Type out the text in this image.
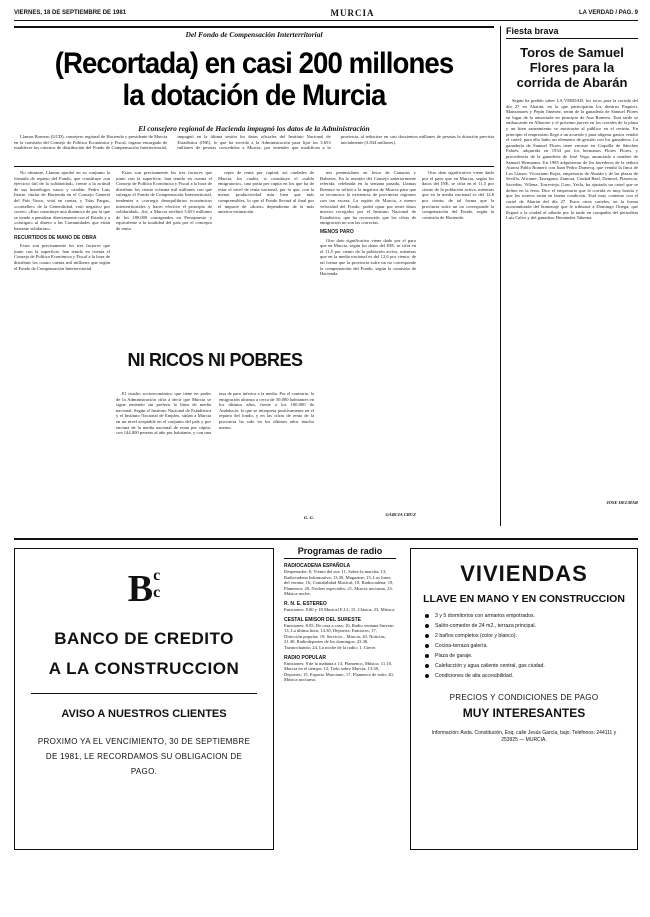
VIERNES, 18 DE SEPTIEMBRE DE 1981	MURCIA	LA VERDAD / PAG. 9
Del Fondo de Compensación Interterritorial
(Recortada) en casi 200 millones
la dotación de Murcia
El consejero regional de Hacienda impugnó los datos de la Administración

Llamas Romero (UCD), consejero regional de Hacienda y presidente de Murcia en la comisión del Consejo de Política Económica y Fiscal, órgano encargado de establecer los criterios de distribución del Fondo de Compensación Interterritorial, impugnó en la última sesión los datos oficiales del Instituto Nacional de Estadística (INE), lo que ha servido a la Administración para fijar los 3.653 millones de pesetas concedidos a Murcia, por entender que modifican a la provincia, al reducirse en casi doscientos millones de pesetas la dotación prevista inicialmente (3.834 millones).

No obstante, Llamas aprobó en su conjunto la fórmula de reparto del Fondo, que constituye «un ejercicio útil de la solidaridad», frente a la actitud de sus homólogos vasco y catalán. Pedro Luis Iriarte, titular de Hacienda en el Consejo General del País Vasco, votó en contra, y Trías Fargas, «conseller» de la Generalidad, votó negativo por correo: «Esto constituye una dinámica de por la que se tiende a penalizar directamente con el Estado y a «castigar» al dinero a las Comunidades que están bastante solidarias».

RECURTIDOS DE MANO DE OBRA

Estos son precisamente los tres factores que junto con la superficie, han tenido en cuenta el Consejo de Política Económica y Fiscal a la hora de distribuir los cuatro cuenta mil millones que según el Fondo de Compensación Interterritorial.

Estos son precisamente los tres factores que junto con la superficie, han tenido en cuenta el Consejo de Política Económica y Fiscal a la hora de distribuir los ciento ochenta mil millones con que sufragar el Fondo de Compensación Interterritorial, tendentes a «corregir desequilibrios económicos interterritoriales y hacer efectivo el principio de solidaridad». Así, a Murcia recibirá 3.653 millones de los 180.000 consignados en Presupuesto y equivalente a la totalidad del país por el concepto de renta.

cepto de renta por capital; así ciudades de Murcia, los cuales, si constituye el «saldo emigratorio», una pasta per capita en los que ha de estar el nivel de renta nacional, por lo que, con la menor productividad más bien que más comprensibles, lo que el Fondo llevará al final por el importe de «dosis» dependiente de la más anterior estimación.

NI RICOS NI POBRES

El cuadro socioeconómico que tiene en poder de la Administración cifra a decir que Murcia se sigue teniendo sin preferir la línea de media nacional. Según el Instituto Nacional de Estadística y el Instituto Nacional de Empleo, sitúan a Murcia en un nivel aceptable en el conjunto del país y por encima de la media nacional de renta per cápita, con 144.000 pesetas al año por habitante, y con una tasa de paro inferior a la media. Por el contrario, la emigración alcanza a cerca de 50.000 habitantes en los últimos años, frente a los 100.000 de Andalucía, lo que se interpreta positivamente en el reparto del fondo, y en las cifras de renta de la provincia ha sido en los últimos años mucho menor.

G. G.

nes peninsulares en favor de Canarias y Baleares. En la reunión del Consejo anteriormente referida, celebrada en la semana pasada, Llamas Romero se refirió a la negativa de Murcia para que se reconozca la existencia de provincias regiones con tan escasa. La región de Murcia, a menor velocidad del Fondo, podrá optar por tener datos nuevos recogidos por el Instituto Nacional de Estadística, que ha reconocido que las cifras de emigración no son las correctas.

MENOS PARO

Otro dato significativo viene dado por el paro que en Murcia, según los datos del INE, se cifra en el 11,5 por ciento de la población activa, mientras que en la media nacional es del 12,6 por ciento; de tal forma que la provincia sufre un no corresponde la compensación del Fondo, según la comisión de Hacienda.

GARCIA CRUZ

Otro dato significativo viene dado por el paro que en Murcia, según los datos del INE, se cifra en el 11,5 por ciento de la población activa, mientras que en la media nacional es del 12,6 por ciento; de tal forma que la provincia sufre un no corresponde la compensación del Fondo, según la comisión de Hacienda.

Fiesta brava
Toros de Samuel Flores para la corrida de Abarán

Según ha podido saber LA VERDAD, los toros para la corrida del día 27 en Abarán, en la que participarán los diestros Paquirri, Manzanares y Pepín Jiménez, serán de la ganadería de Samuel Flores en lugar de la anunciada en principio de Ana Romero. Esta tarde se embarcarán en Albacete y el próximo jueves en los corrales de la plaza y un bien saneamiento se mostrarán al público en el recinto. En principio el empresario llegó a un acuerdo y para aligerar gastos vendió el cartel; para ello hubo un elemento de gestión con los ganaderos. La ganadería de Samuel Flores tiene encaste en Coquilla de Sánchez Fabrés, adquirida en 1934 por los hermanos Flores Flores, y procedencia de la ganadería de José Vega, anunciada a nombre de Samuel Hermanos. En 1985 adquirieron de los herederos de la señora Aurora Pablo Romero con Juan Pedro Domecq, que vendió la finca de Los Llanos. Victoriano Rojas, empresario de Abarán y de las plazas de Sevilla, Alicante, Tarragona, Zamora, Ciudad Real, Daimiel, Plasencia, Sacedón, Villena, Torrevieja, Grao, Yecla, ha ajustado un cartel que se define en la feria. Dice el empresario que la corrida es muy bonita y que los toreros están en buena condición. Está muy contento con el cartel de Abarán del día 27. Estos otros carteles, en la forma acostumbrada del homenaje que le tributará a Domingo Ortega, que llegará a la ciudad el sábado por la tarde en compañía del periodista Luis Calvo y del ganadero Hernández Taberna.

JOSE DELMAR
Bc
c
BANCO DE CREDITO
A LA CONSTRUCCION
AVISO A NUESTROS CLIENTES
PROXIMO YA EL VENCIMIENTO, 30 DE SEPTIEMBRE DE 1981, LE RECORDAMOS SU OBLIGACION DE PAGO.
Programas de radio
RADIOCADENA ESPAÑOLA
Despertador: 8, Viento del sur; 11, Sobre la marcha; 13, Radiocadena Informativa; 13,30, Magazine; 15, Los lunes del verano; 16, Contabilidad Musical; 18, Radiocadena; 19, Flamenco; 20, Noches especiales; 21, Murcia nocturna, 23, Música noche.
R. N. E. ESTEREO
Emisiones: 8.00 y 18 Musical F.J.2; 15, Clásica; 23, Música.
CESTAL EMISOR DEL SURESTE
Emisiones: 8.05, De casa a casa; 10, Radio ventana Sureste; 13, La última hora; 14.30, Deportes, Entonces; 17, Dirección popular; 19, Servicio... Murcia; 20, Noticias; 21.30, Radiodeportes de los domingos; 23.30, Trasnochando; 24, La noche de la radio; 1, Cierre.
RADIO POPULAR
Emisiones: 8 de la mañana a 13, Flamenco, Música, 11.10, Murcia en el tiempo; 12, Todo sobre Murcia; 13.30, Deportes; 15, Espacio Murciano; 17, Flamenco de todo; 20, Música nocturna.
VIVIENDAS
LLAVE EN MANO Y EN CONSTRUCCION
3 y 5 dormitorios con armarios empotrados.
Salón-comedor de 24 m2., terraza principal.
2 baños completos (color y blanco).
Cocina-terraza galería.
Plaza de garaje.
Calefacción y agua caliente central, gas ciudad.
Condiciones de alta accesibilidad.
PRECIOS Y CONDICIONES DE PAGO
MUY INTERESANTES
Información: Avda. Constitución, Esq. calle Jesús García, bajo. Teléfonos: 244111 y 253925 — MURCIA.
